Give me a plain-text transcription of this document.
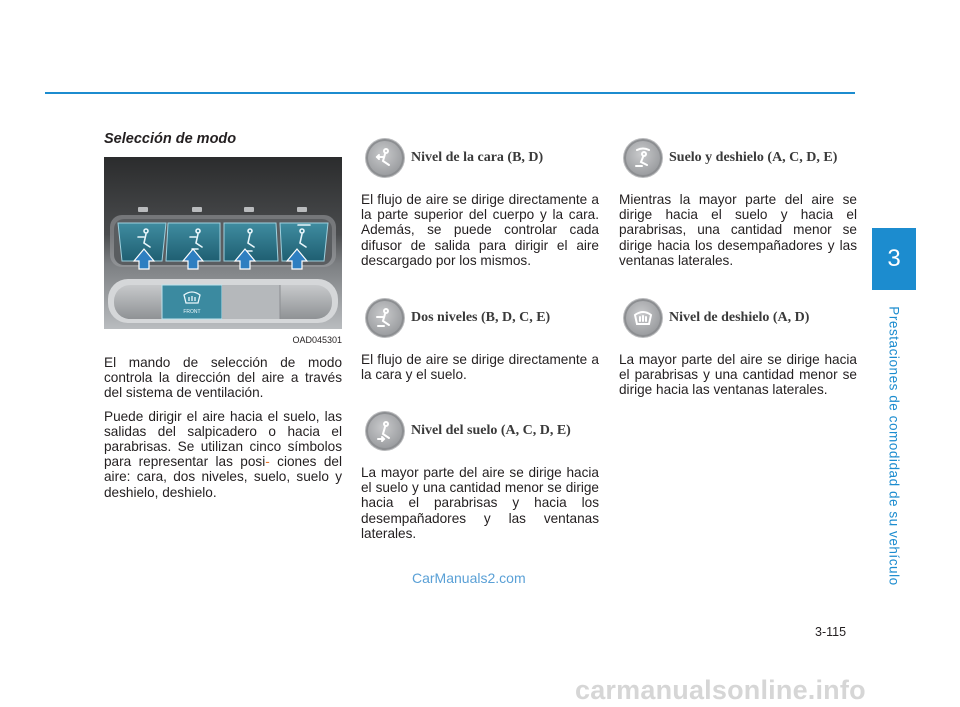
3
Prestaciones de comodidad de su vehículo
Selección de modo
FRONT
OAD045301

El mando de selección de modo controla la dirección del aire a través del sistema de ventilación.

Puede dirigir el aire hacia el suelo, las salidas del salpicadero o hacia el parabrisas. Se utilizan cinco símbolos para representar las posi- ciones del aire: cara, dos niveles, suelo, suelo y deshielo, deshielo.

Nivel de la cara (B, D)

El flujo de aire se dirige directamente a la parte superior del cuerpo y la cara. Además, se puede controlar cada difusor de salida para dirigir el aire descargado por los mismos.

Dos niveles (B, D, C, E)

El flujo de aire se dirige directamente a la cara y el suelo.

Nivel del suelo (A, C, D, E)

La mayor parte del aire se dirige hacia el suelo y una cantidad menor se dirige hacia el parabrisas y hacia los desempañadores y las ventanas laterales.

Suelo y deshielo (A, C, D, E)

Mientras la mayor parte del aire se dirige hacia el suelo y hacia el parabrisas, una cantidad menor se dirige hacia los desempañadores y las ventanas laterales.

Nivel de deshielo (A, D)

La mayor parte del aire se dirige hacia el parabrisas y una cantidad menor se dirige hacia las ventanas laterales.

3-115
CarManuals2.com
carmanualsonline.info
